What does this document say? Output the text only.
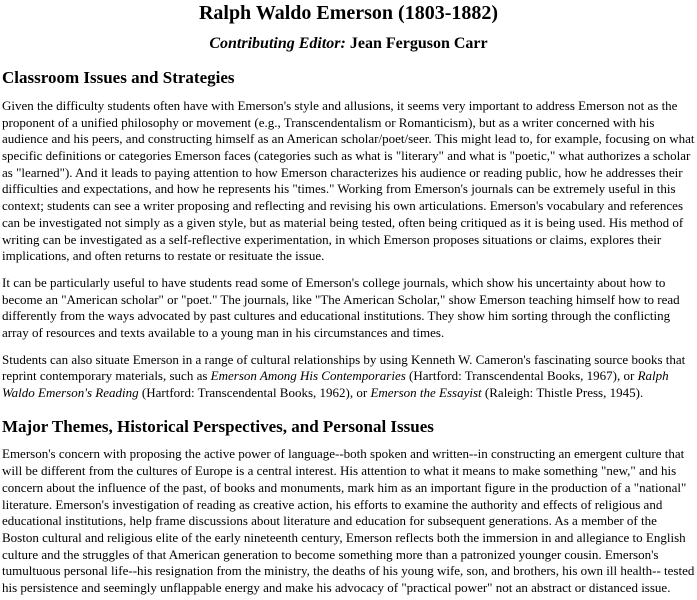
Ralph Waldo Emerson (1803-1882)
Contributing Editor: Jean Ferguson Carr
Classroom Issues and Strategies

Given the difficulty students often have with Emerson's style and allusions, it seems very important to address Emerson not as the proponent of a unified philosophy or movement (e.g., Transcendentalism or Romanticism), but as a writer concerned with his audience and his peers, and constructing himself as an American scholar/poet/seer. This might lead to, for example, focusing on what specific definitions or categories Emerson faces (categories such as what is "literary" and what is "poetic," what authorizes a scholar as "learned"). And it leads to paying attention to how Emerson characterizes his audience or reading public, how he addresses their difficulties and expectations, and how he represents his "times." Working from Emerson's journals can be extremely useful in this context; students can see a writer proposing and reflecting and revising his own articulations. Emerson's vocabulary and references can be investigated not simply as a given style, but as material being tested, often being critiqued as it is being used. His method of writing can be investigated as a self-reflective experimentation, in which Emerson proposes situations or claims, explores their implications, and often returns to restate or resituate the issue.

It can be particularly useful to have students read some of Emerson's college journals, which show his uncertainty about how to become an "American scholar" or "poet." The journals, like "The American Scholar," show Emerson teaching himself how to read differently from the ways advocated by past cultures and educational institutions. They show him sorting through the conflicting array of resources and texts available to a young man in his circumstances and times.

Students can also situate Emerson in a range of cultural relationships by using Kenneth W. Cameron's fascinating source books that reprint contemporary materials, such as Emerson Among His Contemporaries (Hartford: Transcendental Books, 1967), or Ralph Waldo Emerson's Reading (Hartford: Transcendental Books, 1962), or Emerson the Essayist (Raleigh: Thistle Press, 1945).

Major Themes, Historical Perspectives, and Personal Issues

Emerson's concern with proposing the active power of language--both spoken and written--in constructing an emergent culture that will be different from the cultures of Europe is a central interest. His attention to what it means to make something "new," and his concern about the influence of the past, of books and monuments, mark him as an important figure in the production of a "national" literature. Emerson's investigation of reading as creative action, his efforts to examine the authority and effects of religious and educational institutions, help frame discussions about literature and education for subsequent generations. As a member of the Boston cultural and religious elite of the early nineteenth century, Emerson reflects both the immersion in and allegiance to English culture and the struggles of that American generation to become something more than a patronized younger cousin. Emerson's tumultuous personal life--his resignation from the ministry, the deaths of his young wife, son, and brothers, his own ill health-- tested his persistence and seemingly unflappable energy and make his advocacy of "practical power" not an abstract or distanced issue.
